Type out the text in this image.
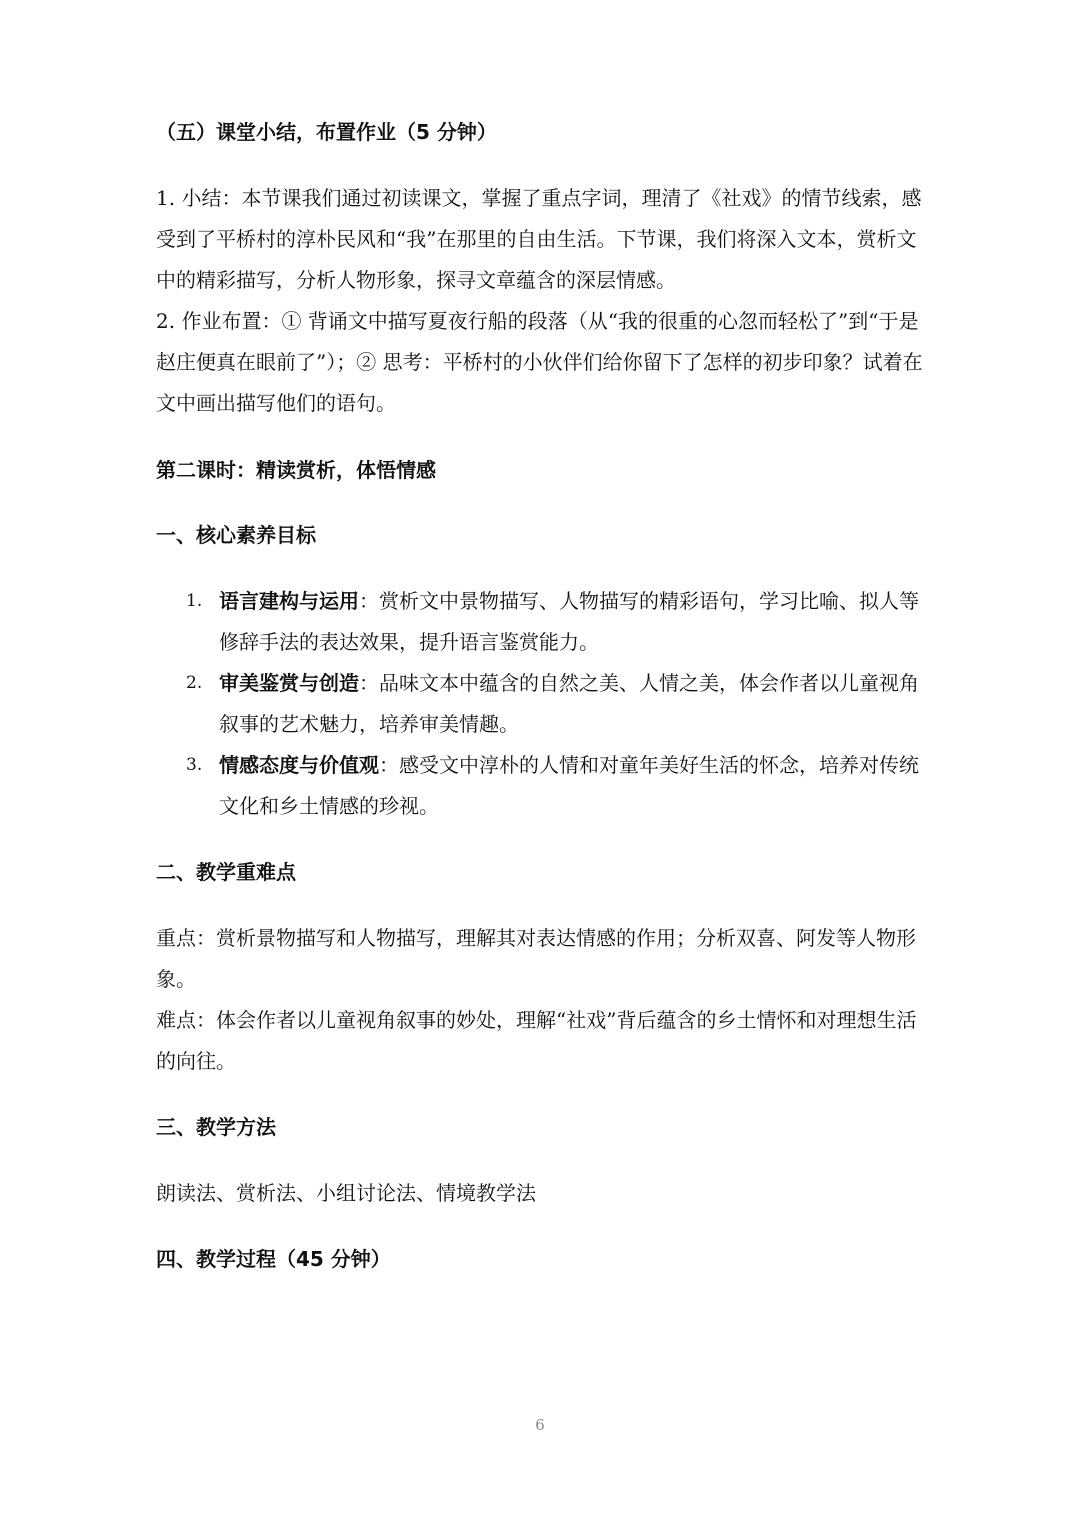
（五）课堂小结，布置作业（5 分钟）

1. 小结：本节课我们通过初读课文，掌握了重点字词，理清了《社戏》的情节线索，感受到了平桥村的淳朴民风和“我”在那里的自由生活。下节课，我们将深入文本，赏析文中的精彩描写，分析人物形象，探寻文章蕴含的深层情感。

2. 作业布置：① 背诵文中描写夏夜行船的段落（从“我的很重的心忽而轻松了”到“于是赵庄便真在眼前了”）；② 思考：平桥村的小伙伴们给你留下了怎样的初步印象？试着在文中画出描写他们的语句。

第二课时：精读赏析，体悟情感
一、核心素养目标
1. 语言建构与运用：赏析文中景物描写、人物描写的精彩语句，学习比喻、拟人等修辞手法的表达效果，提升语言鉴赏能力。
2. 审美鉴赏与创造：品味文本中蕴含的自然之美、人情之美，体会作者以儿童视角叙事的艺术魅力，培养审美情趣。
3. 情感态度与价值观：感受文中淳朴的人情和对童年美好生活的怀念，培养对传统文化和乡土情感的珍视。
二、教学重难点

重点：赏析景物描写和人物描写，理解其对表达情感的作用；分析双喜、阿发等人物形象。

难点：体会作者以儿童视角叙事的妙处，理解“社戏”背后蕴含的乡土情怀和对理想生活的向往。

三、教学方法
朗读法、赏析法、小组讨论法、情境教学法
四、教学过程（45 分钟）
6
